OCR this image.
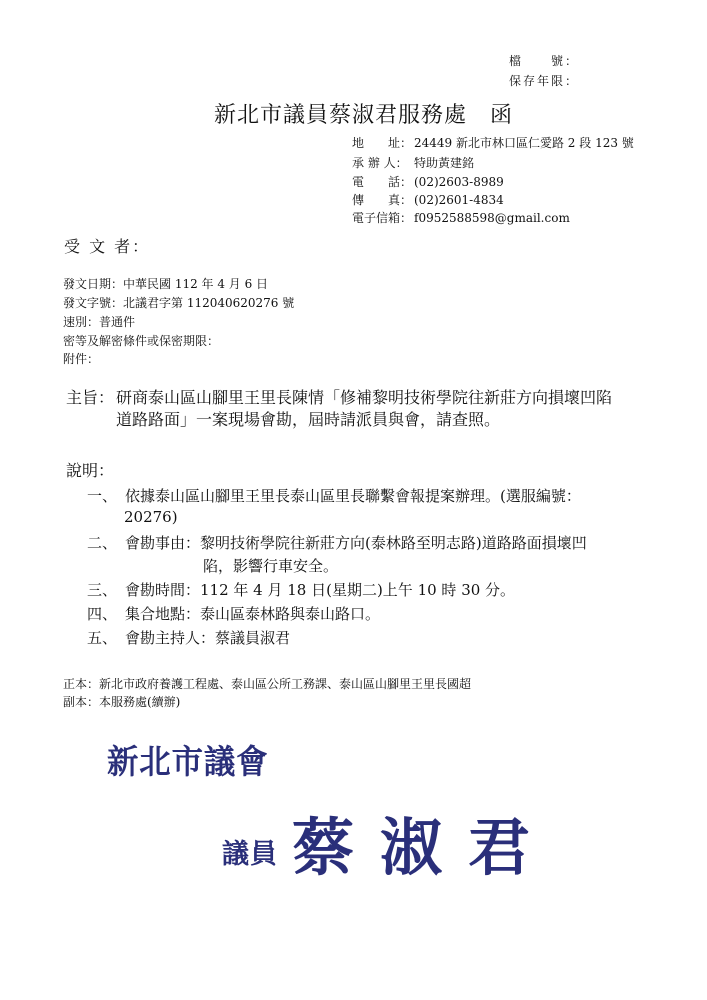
檔　　號：
保存年限：
新北市議員蔡淑君服務處　函
地　　址： 24449 新北市林口區仁愛路 2 段 123 號
承 辦 人： 特助黃建銘
電　　話： (02)2603-8989
傳　　真： (02)2601-4834
電子信箱： f0952588598@gmail.com
受 文 者：
發文日期：中華民國 112 年 4 月 6 日
發文字號：北議君字第 112040620276 號
速別：普通件
密等及解密條件或保密期限：
附件：
主旨： 研商泰山區山腳里王里長陳情「修補黎明技術學院往新莊方向損壞凹陷
道路路面」一案現場會勘，屆時請派員與會，請查照。
說明：
一、 依據泰山區山腳里王里長泰山區里長聯繫會報提案辦理。(選服編號：
20276)
二、 會勘事由：黎明技術學院往新莊方向(泰林路至明志路)道路路面損壞凹
陷，影響行車安全。
三、 會勘時間：112 年 4 月 18 日(星期二)上午 10 時 30 分。
四、 集合地點：泰山區泰林路與泰山路口。
五、 會勘主持人：蔡議員淑君
正本：新北市政府養護工程處、泰山區公所工務課、泰山區山腳里王里長國超
副本：本服務處(續辦)
新北市議會
議員 蔡淑君
